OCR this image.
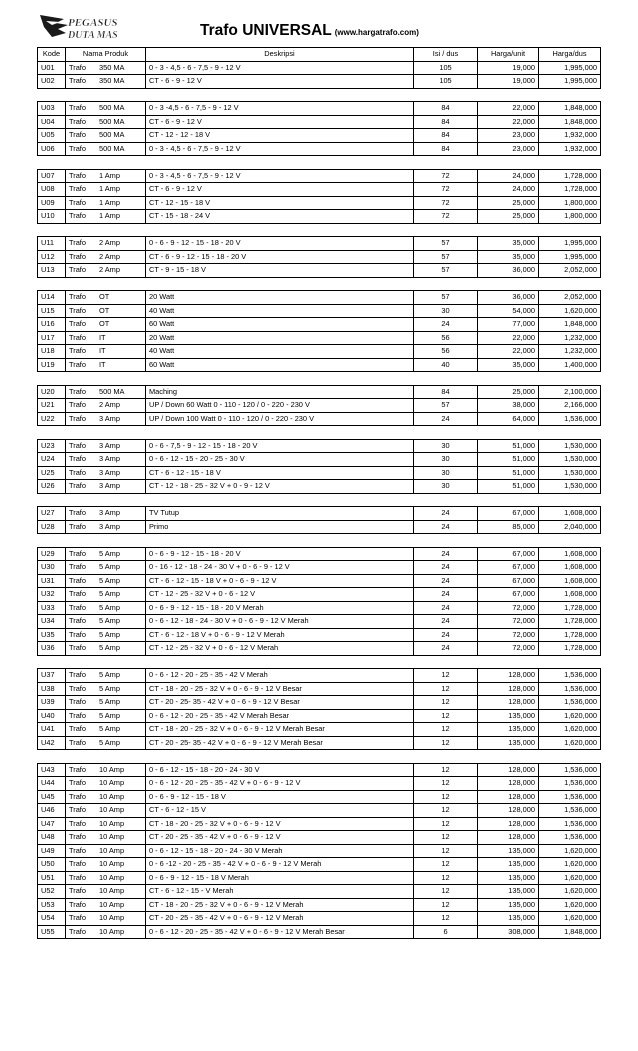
PEGASUS
DUTA MAS	Trafo UNIVERSAL (www.hargatrafo.com)
Kode	Nama Produk	Deskripsi	Isi / dus	Harga/unit	Harga/dus
U01	Trafo 350 MA	0 - 3 - 4,5 - 6 - 7,5 - 9 - 12 V	105	19,000	1,995,000
U02	Trafo 350 MA	CT - 6 - 9 - 12 V	105	19,000	1,995,000

U03	Trafo 500 MA	0 - 3 -4,5 - 6 - 7,5 - 9 - 12 V	84	22,000	1,848,000
U04	Trafo 500 MA	CT - 6 - 9 - 12 V	84	22,000	1,848,000
U05	Trafo 500 MA	CT - 12 - 12 - 18 V	84	23,000	1,932,000
U06	Trafo 500 MA	0 - 3 - 4,5 - 6 - 7,5 - 9 - 12 V	84	23,000	1,932,000

U07	Trafo 1 Amp	0 - 3 - 4,5 - 6 - 7,5 - 9 - 12 V	72	24,000	1,728,000
U08	Trafo 1 Amp	CT - 6 - 9 - 12 V	72	24,000	1,728,000
U09	Trafo 1 Amp	CT - 12 - 15 - 18 V	72	25,000	1,800,000
U10	Trafo 1 Amp	CT - 15 - 18 - 24 V	72	25,000	1,800,000

U11	Trafo 2 Amp	0 - 6 - 9 - 12 - 15 - 18 - 20 V	57	35,000	1,995,000
U12	Trafo 2 Amp	CT - 6 - 9 - 12 - 15 - 18 - 20 V	57	35,000	1,995,000
U13	Trafo 2 Amp	CT - 9 - 15 - 18 V	57	36,000	2,052,000

U14	Trafo OT	20 Watt	57	36,000	2,052,000
U15	Trafo OT	40 Watt	30	54,000	1,620,000
U16	Trafo OT	60 Watt	24	77,000	1,848,000
U17	Trafo IT	20 Watt	56	22,000	1,232,000
U18	Trafo IT	40 Watt	56	22,000	1,232,000
U19	Trafo IT	60 Watt	40	35,000	1,400,000

U20	Trafo 500 MA	Maching	84	25,000	2,100,000
U21	Trafo 2 Amp	UP / Down 60 Watt 0 - 110 - 120 / 0 - 220 - 230 V	57	38,000	2,166,000
U22	Trafo 3 Amp	UP / Down 100 Watt 0 - 110 - 120 / 0 - 220 - 230 V	24	64,000	1,536,000

U23	Trafo 3 Amp	0 - 6 - 7,5 - 9 - 12 - 15 - 18 - 20 V	30	51,000	1,530,000
U24	Trafo 3 Amp	0 - 6 - 12 - 15 - 20 - 25 - 30 V	30	51,000	1,530,000
U25	Trafo 3 Amp	CT - 6 - 12 - 15 - 18 V	30	51,000	1,530,000
U26	Trafo 3 Amp	CT - 12 - 18 - 25 - 32 V + 0 - 9 - 12 V	30	51,000	1,530,000

U27	Trafo 3 Amp	TV Tutup	24	67,000	1,608,000
U28	Trafo 3 Amp	Primo	24	85,000	2,040,000

U29	Trafo 5 Amp	0 - 6 - 9 - 12 - 15 - 18 - 20 V	24	67,000	1,608,000
U30	Trafo 5 Amp	0 - 16 - 12 - 18 - 24 - 30 V + 0 - 6 - 9 - 12 V	24	67,000	1,608,000
U31	Trafo 5 Amp	CT - 6 - 12 - 15 - 18 V + 0 - 6 - 9 - 12 V	24	67,000	1,608,000
U32	Trafo 5 Amp	CT - 12 - 25 - 32 V + 0 - 6 - 12 V	24	67,000	1,608,000
U33	Trafo 5 Amp	0 - 6 - 9 - 12 - 15 - 18 - 20 V Merah	24	72,000	1,728,000
U34	Trafo 5 Amp	0 - 6 - 12 - 18 - 24 - 30 V + 0 - 6 - 9 - 12 V Merah	24	72,000	1,728,000
U35	Trafo 5 Amp	CT - 6 - 12 - 18 V + 0 - 6 - 9 - 12 V Merah	24	72,000	1,728,000
U36	Trafo 5 Amp	CT - 12 - 25 - 32 V + 0 - 6 - 12 V Merah	24	72,000	1,728,000

U37	Trafo 5 Amp	0 - 6 - 12 - 20 - 25 - 35 - 42 V Merah	12	128,000	1,536,000
U38	Trafo 5 Amp	CT - 18 - 20 - 25 - 32 V + 0 - 6 - 9 - 12 V Besar	12	128,000	1,536,000
U39	Trafo 5 Amp	CT - 20 - 25- 35 - 42 V + 0 - 6 - 9 - 12 V Besar	12	128,000	1,536,000
U40	Trafo 5 Amp	0 - 6 - 12 - 20 - 25 - 35 - 42 V Merah Besar	12	135,000	1,620,000
U41	Trafo 5 Amp	CT - 18 - 20 - 25 - 32 V + 0 - 6 - 9 - 12 V Merah Besar	12	135,000	1,620,000
U42	Trafo 5 Amp	CT - 20 - 25- 35 - 42 V + 0 - 6 - 9 - 12 V Merah Besar	12	135,000	1,620,000

U43	Trafo 10 Amp	0 - 6 - 12 - 15 - 18 - 20 - 24 - 30 V	12	128,000	1,536,000
U44	Trafo 10 Amp	0 - 6 - 12 - 20 - 25 - 35 - 42 V + 0 - 6 - 9 - 12 V	12	128,000	1,536,000
U45	Trafo 10 Amp	0 - 6 - 9 - 12 - 15 - 18 V	12	128,000	1,536,000
U46	Trafo 10 Amp	CT - 6 - 12 - 15 V	12	128,000	1,536,000
U47	Trafo 10 Amp	CT - 18 - 20 - 25 - 32 V + 0 - 6 - 9 - 12 V	12	128,000	1,536,000
U48	Trafo 10 Amp	CT - 20 - 25 - 35 - 42 V + 0 - 6 - 9 - 12 V	12	128,000	1,536,000
U49	Trafo 10 Amp	0 - 6 - 12 - 15 - 18 - 20 - 24 - 30 V Merah	12	135,000	1,620,000
U50	Trafo 10 Amp	0 - 6 -12 - 20 - 25 - 35 - 42 V + 0 - 6 - 9 - 12 V Merah	12	135,000	1,620,000
U51	Trafo 10 Amp	0 - 6 - 9 - 12 - 15 - 18 V Merah	12	135,000	1,620,000
U52	Trafo 10 Amp	CT - 6 - 12 - 15 - V Merah	12	135,000	1,620,000
U53	Trafo 10 Amp	CT - 18 - 20 - 25 - 32 V + 0 - 6 - 9 - 12 V Merah	12	135,000	1,620,000
U54	Trafo 10 Amp	CT - 20 - 25 - 35 - 42 V + 0 - 6 - 9 - 12 V Merah	12	135,000	1,620,000
U55	Trafo 10 Amp	0 - 6 - 12 - 20 - 25 - 35 - 42 V + 0 - 6 - 9 - 12 V Merah Besar	6	308,000	1,848,000
